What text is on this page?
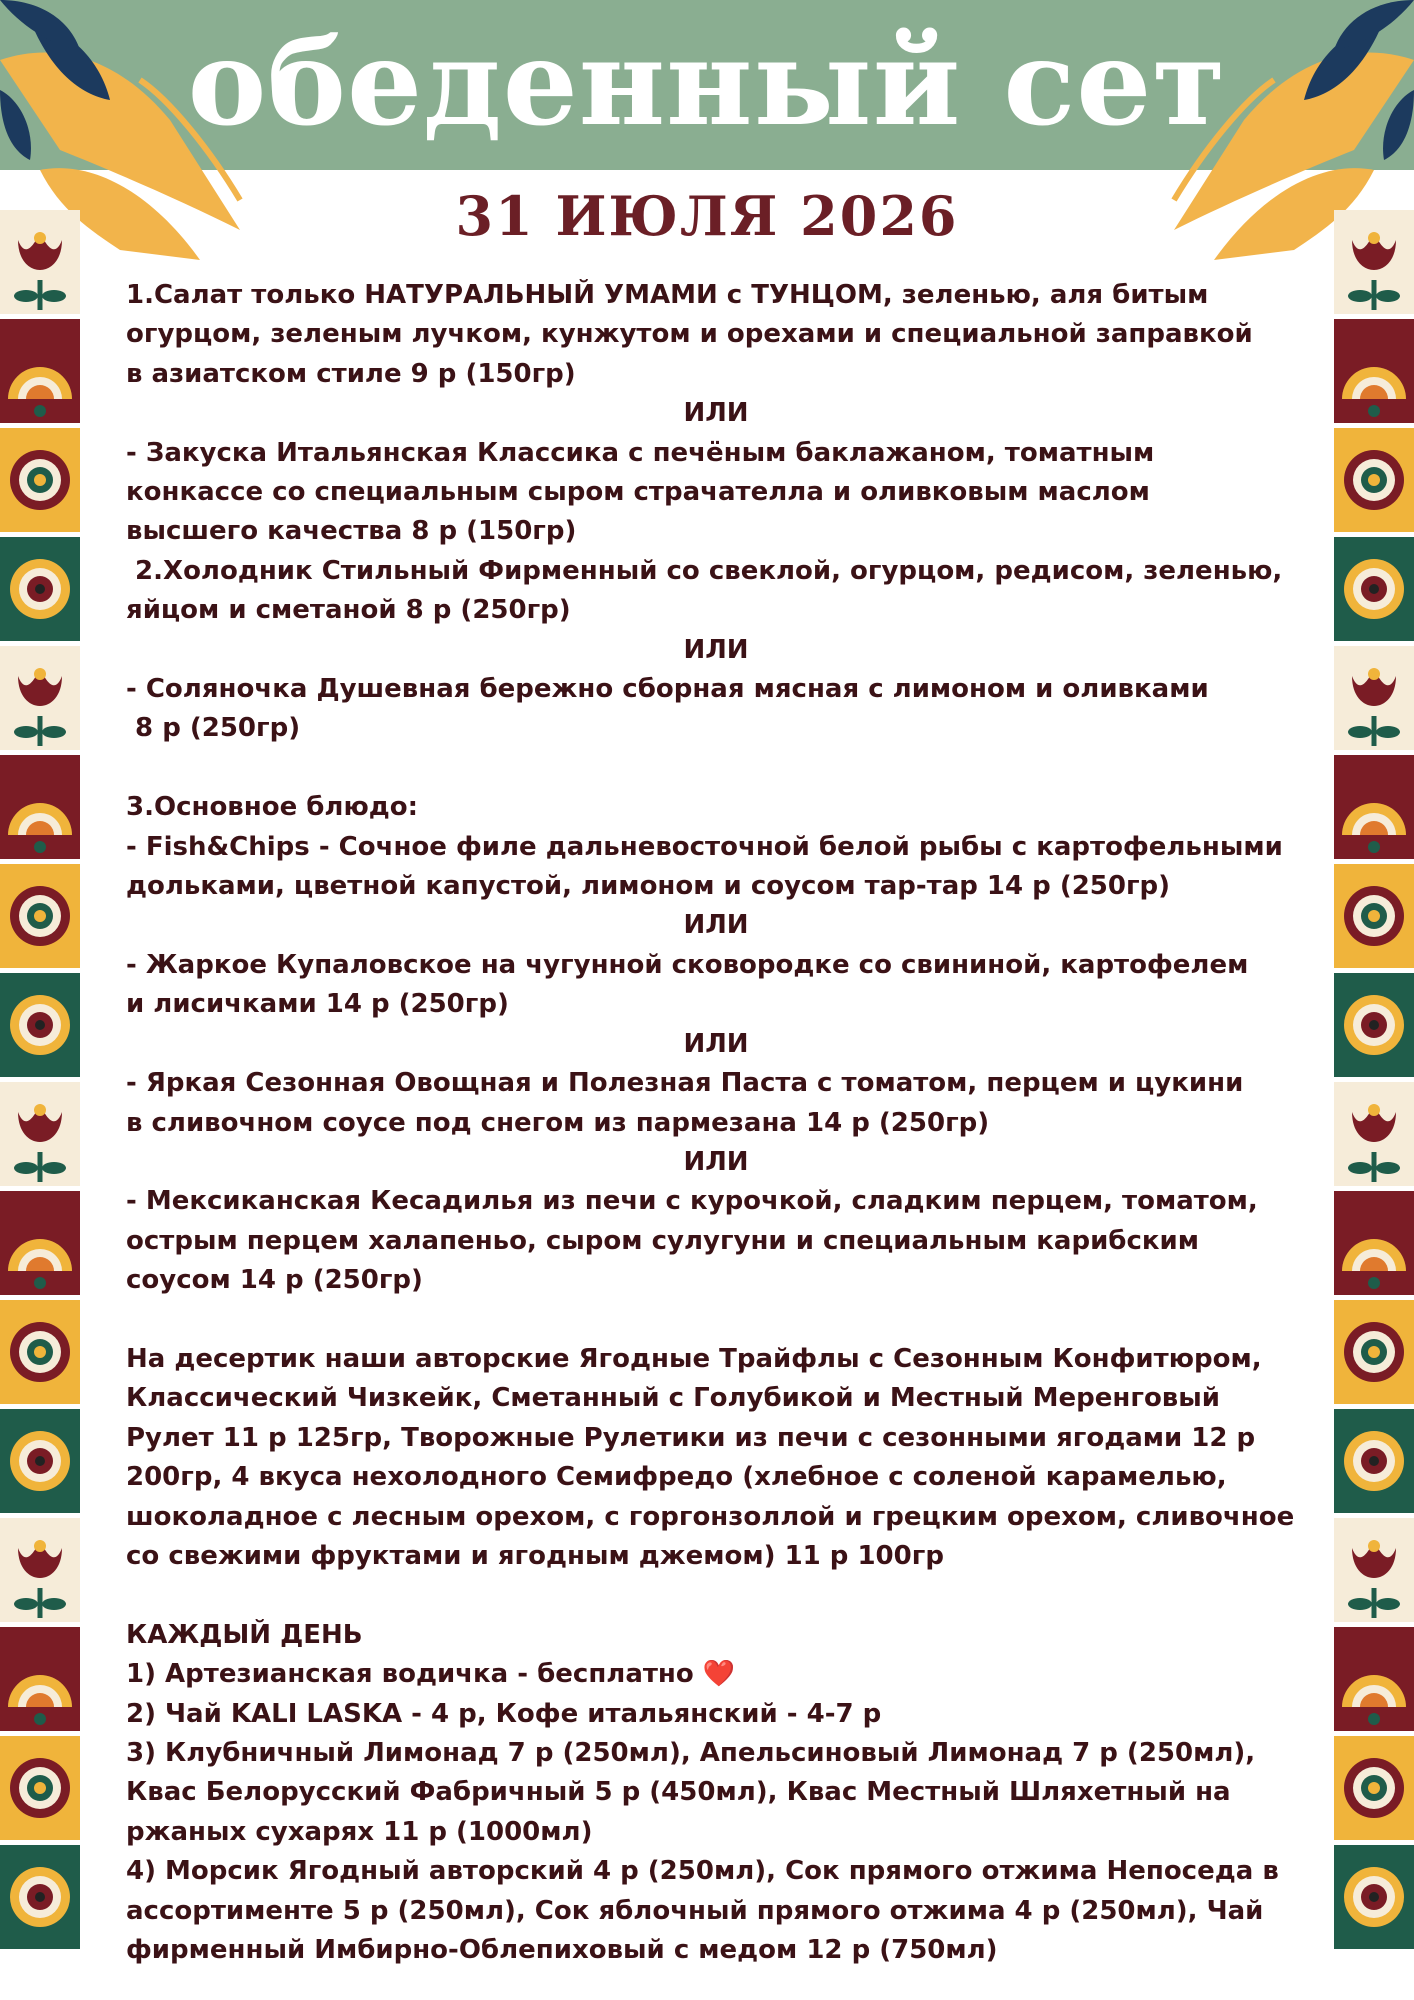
обеденный сет
31 ИЮЛЯ 2026
1.Салат только НАТУРАЛЬНЫЙ УМАМИ с ТУНЦОМ, зеленью, аля битым
огурцом, зеленым лучком, кунжутом и орехами и специальной заправкой
в азиатском стиле 9 р (150гр)
ИЛИ
- Закуска Итальянская Классика с печёным баклажаном, томатным
конкассе со специальным сыром страчателла и оливковым маслом
высшего качества 8 р (150гр)
2.Холодник Стильный Фирменный со свеклой, огурцом, редисом, зеленью,
яйцом и сметаной 8 р (250гр)
ИЛИ
- Соляночка Душевная бережно сборная мясная с лимоном и оливками
8 р (250гр)
3.Основное блюдо:
- Fish&Chips - Сочное филе дальневосточной белой рыбы с картофельными
дольками, цветной капустой, лимоном и соусом тар-тар 14 р (250гр)
ИЛИ
- Жаркое Купаловское на чугунной сковородке со свининой, картофелем
и лисичками 14 р (250гр)
ИЛИ
- Яркая Сезонная Овощная и Полезная Паста с томатом, перцем и цукини
в сливочном соусе под снегом из пармезана 14 р (250гр)
ИЛИ
- Мексиканская Кесадилья из печи с курочкой, сладким перцем, томатом,
острым перцем халапеньо, сыром сулугуни и специальным карибским
соусом 14 р (250гр)
На десертик наши авторские Ягодные Трайфлы с Сезонным Конфитюром,
Классический Чизкейк, Сметанный с Голубикой и Местный Меренговый
Рулет 11 р 125гр, Творожные Рулетики из печи с сезонными ягодами 12 р
200гр, 4 вкуса нехолодного Семифредо (хлебное с соленой карамелью,
шоколадное с лесным орехом, с горгонзоллой и грецким орехом, сливочное
со свежими фруктами и ягодным джемом) 11 р 100гр
КАЖДЫЙ ДЕНЬ
1) Артезианская водичка - бесплатно ❤️
2) Чай KALI LASKA - 4 р, Кофе итальянский - 4-7 р
3) Клубничный Лимонад 7 р (250мл), Апельсиновый Лимонад 7 р (250мл),
Квас Белорусский Фабричный 5 р (450мл), Квас Местный Шляхетный на
ржаных сухарях 11 р (1000мл)
4) Морсик Ягодный авторский 4 р (250мл), Сок прямого отжима Непоседа в
ассортименте 5 р (250мл), Сок яблочный прямого отжима 4 р (250мл), Чай
фирменный Имбирно-Облепиховый с медом 12 р (750мл)
